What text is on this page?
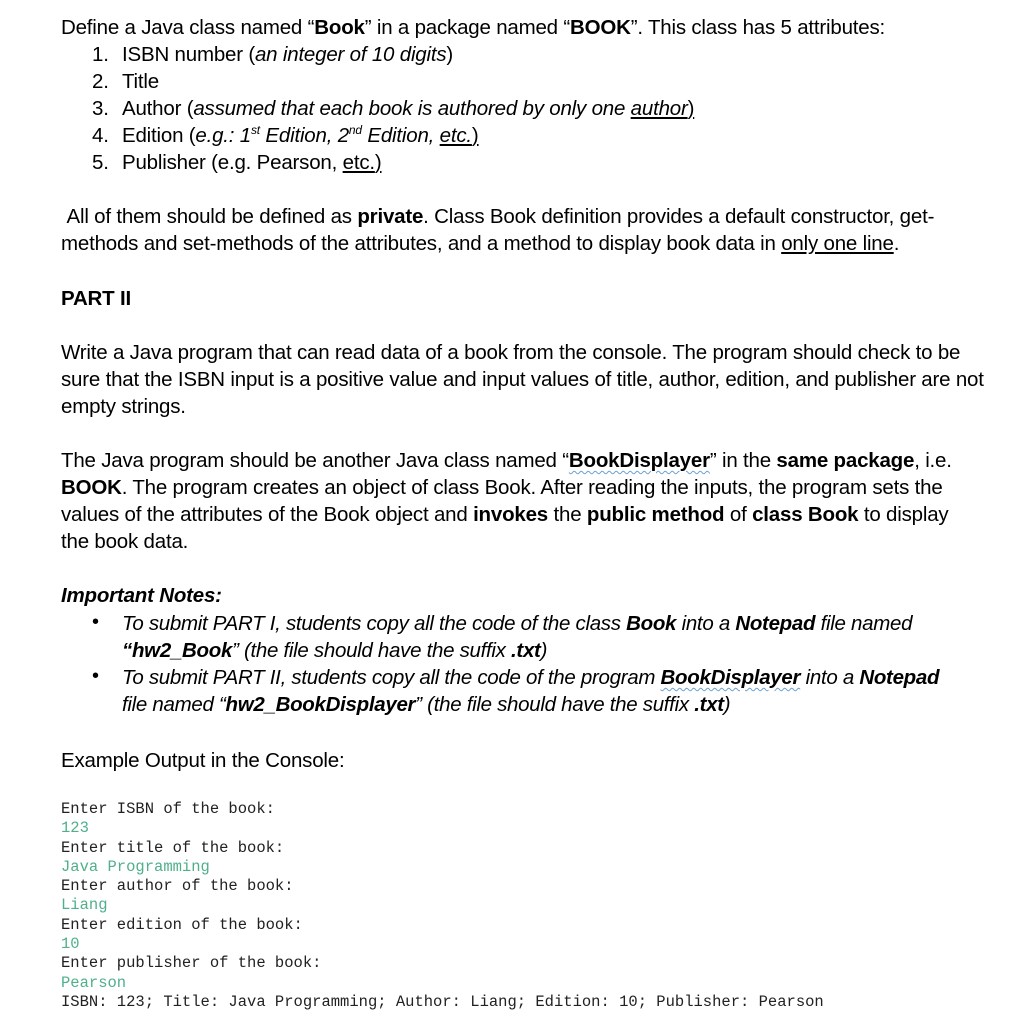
Define a Java class named “Book” in a package named “BOOK”. This class has 5 attributes:

1. ISBN number (an integer of 10 digits)
2. Title
3. Author (assumed that each book is authored by only one author)
4. Edition (e.g.: 1st Edition, 2nd Edition, etc.)
5. Publisher (e.g. Pearson, etc.)

All of them should be defined as private. Class Book definition provides a default constructor, get-methods and set-methods of the attributes, and a method to display book data in only one line.

PART II

Write a Java program that can read data of a book from the console. The program should check to be sure that the ISBN input is a positive value and input values of title, author, edition, and publisher are not empty strings.

The Java program should be another Java class named “BookDisplayer” in the same package, i.e. BOOK. The program creates an object of class Book. After reading the inputs, the program sets the values of the attributes of the Book object and invokes the public method of class Book to display the book data.

Important Notes:

• To submit PART I, students copy all the code of the class Book into a Notepad file named
“hw2_Book” (the file should have the suffix .txt)
• To submit PART II, students copy all the code of the program BookDisplayer into a Notepad
file named “hw2_BookDisplayer” (the file should have the suffix .txt)

Example Output in the Console:

Enter ISBN of the book:
123
Enter title of the book:
Java Programming
Enter author of the book:
Liang
Enter edition of the book:
10
Enter publisher of the book:
Pearson
ISBN: 123; Title: Java Programming; Author: Liang; Edition: 10; Publisher: Pearson
